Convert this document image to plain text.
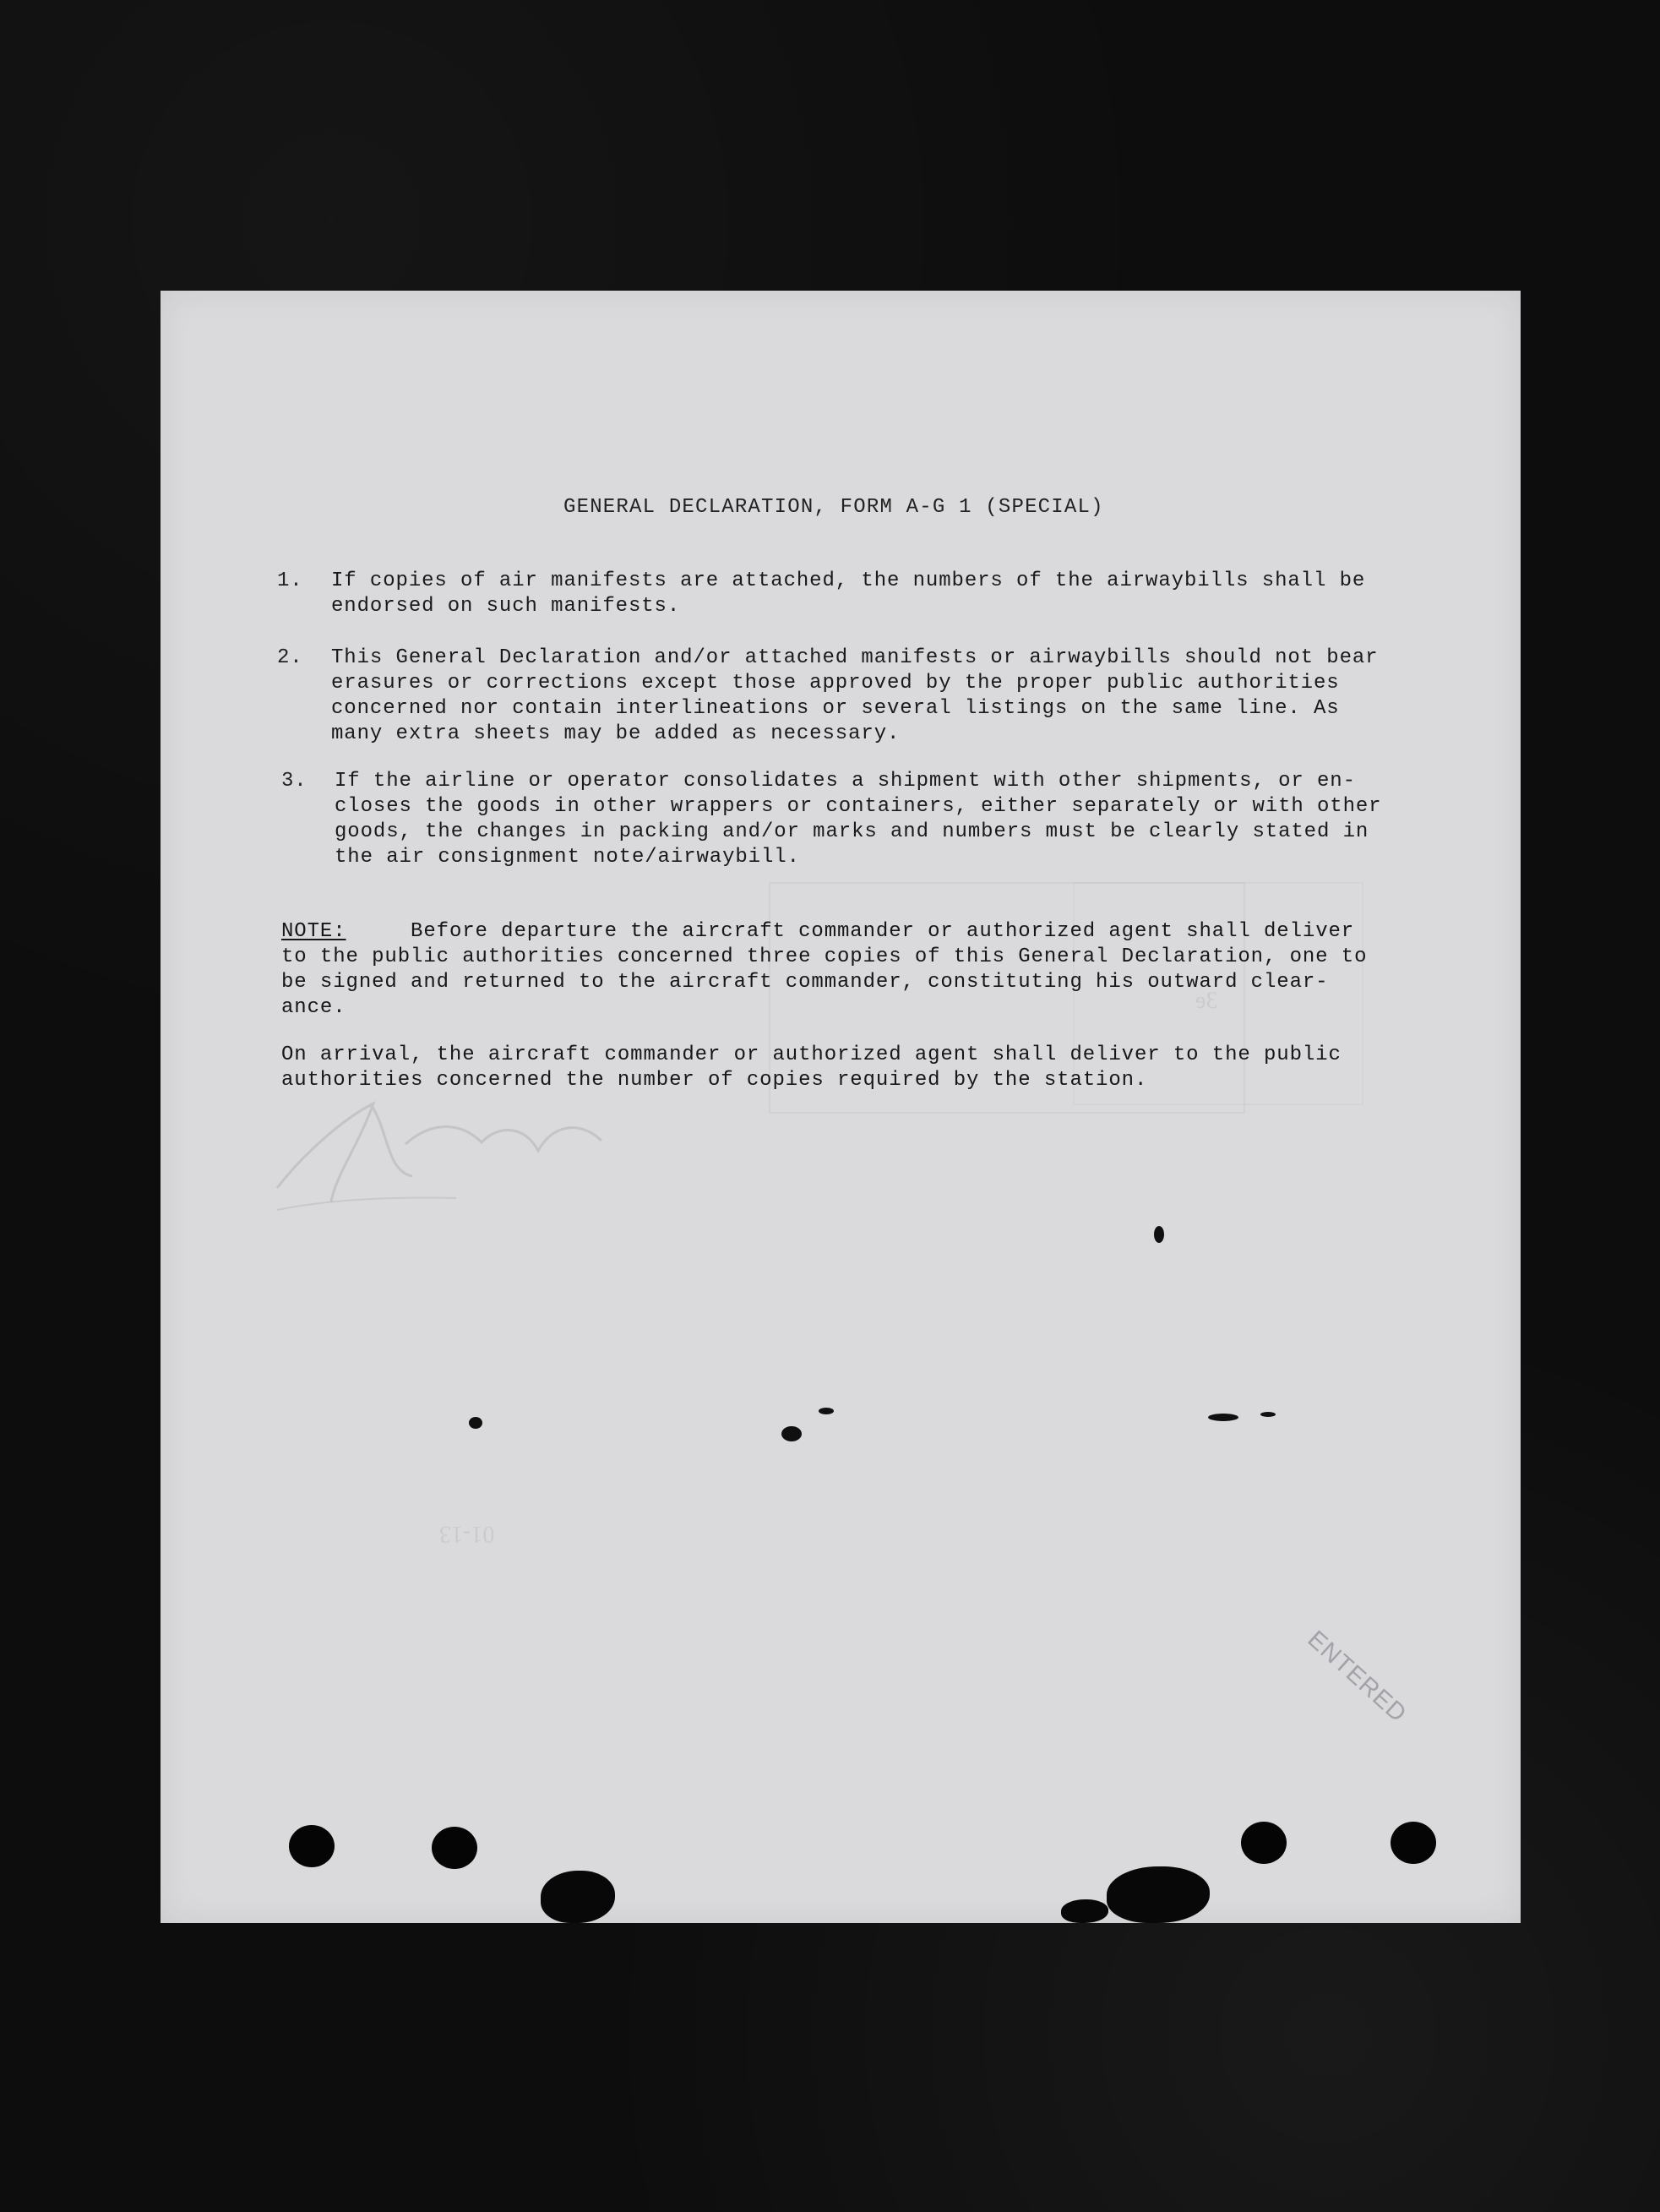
01-13
ɘƐ
GENERAL DECLARATION, FORM A-G 1 (SPECIAL)
1.	If copies of air manifests are attached, the numbers of the airwaybills shall be
endorsed on such manifests.
2.	This General Declaration and/or attached manifests or airwaybills should not bear
erasures or corrections except those approved by the proper public authorities
concerned nor contain interlineations or several listings on the same line. As
many extra sheets may be added as necessary.
3.	If the airline or operator consolidates a shipment with other shipments, or en-
closes the goods in other wrappers or containers, either separately or with other
goods, the changes in packing and/or marks and numbers must be clearly stated in
the air consignment note/airwaybill.
NOTE:	Before departure the aircraft commander or authorized agent shall deliver
to the public authorities concerned three copies of this General Declaration, one to
be signed and returned to the aircraft commander, constituting his outward clear-
ance.
On arrival, the aircraft commander or authorized agent shall deliver to the public
authorities concerned the number of copies required by the station.
ENTERED
